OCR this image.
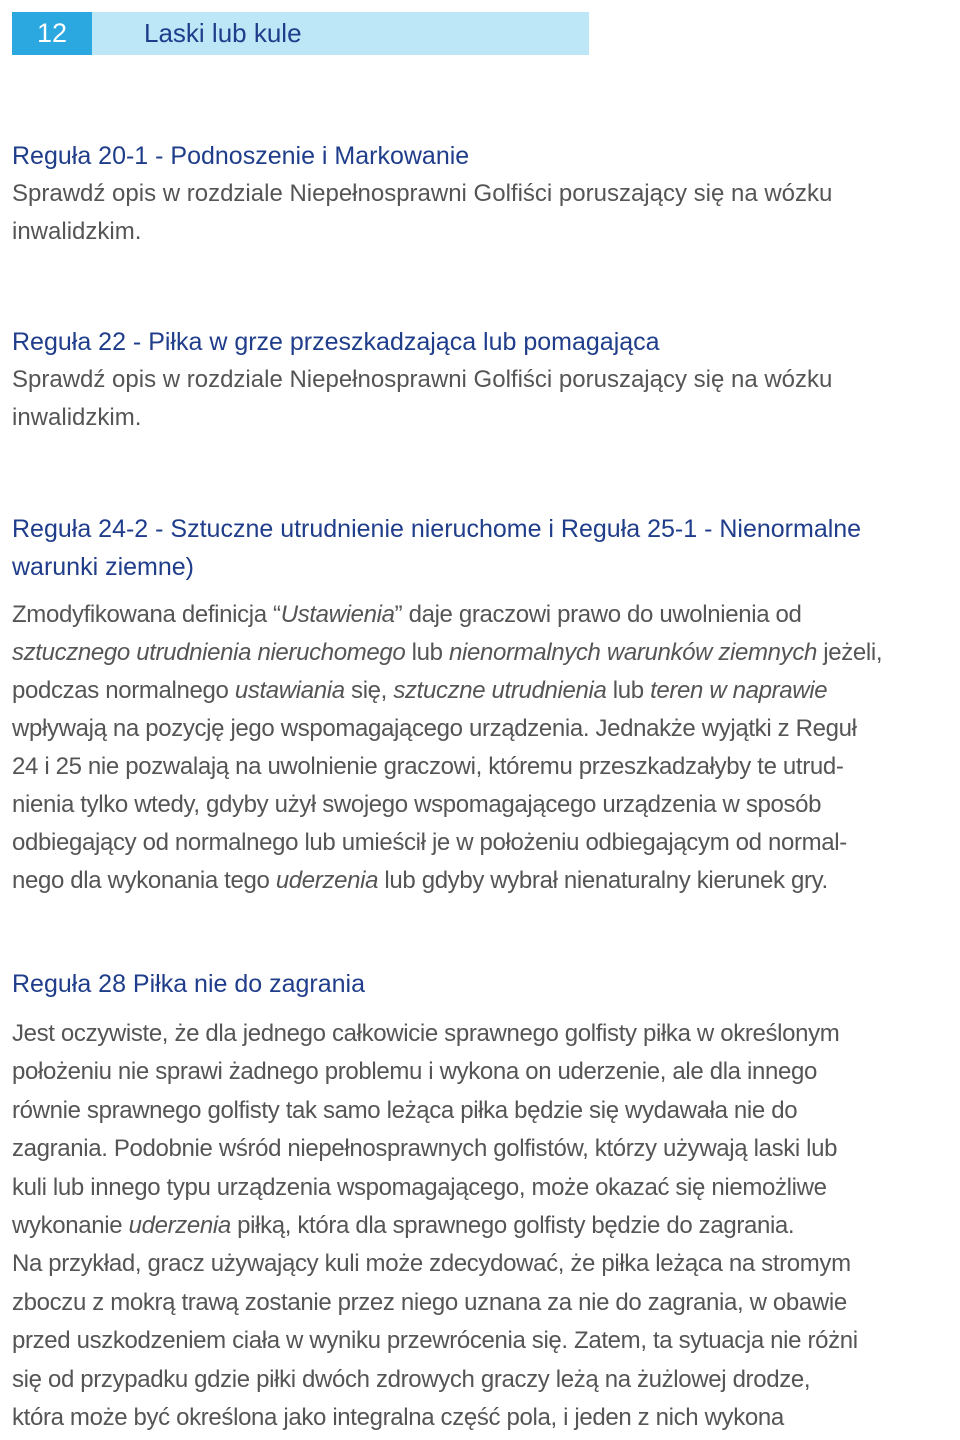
12	Laski lub kule
Reguła 20-1 - Podnoszenie i Markowanie

Sprawdź opis w rozdziale Niepełnosprawni Golfiści poruszający się na wózku
inwalidzkim.

Reguła 22 - Piłka w grze przeszkadzająca lub pomagająca

Sprawdź opis w rozdziale Niepełnosprawni Golfiści poruszający się na wózku
inwalidzkim.

Reguła 24-2 - Sztuczne utrudnienie nieruchome i Reguła 25-1 - Nienormalne
warunki ziemne)

Zmodyfikowana definicja “Ustawienia” daje graczowi prawo do uwolnienia od
sztucznego utrudnienia nieruchomego lub nienormalnych warunków ziemnych jeżeli,
podczas normalnego ustawiania się, sztuczne utrudnienia lub teren w naprawie
wpływają na pozycję jego wspomagającego urządzenia. Jednakże wyjątki z Reguł
24 i 25 nie pozwalają na uwolnienie graczowi, któremu przeszkadzałyby te utrud-
nienia tylko wtedy, gdyby użył swojego wspomagającego urządzenia w sposób
odbiegający od normalnego lub umieścił je w położeniu odbiegającym od normal-
nego dla wykonania tego uderzenia lub gdyby wybrał nienaturalny kierunek gry.

Reguła 28 Piłka nie do zagrania

Jest oczywiste, że dla jednego całkowicie sprawnego golfisty piłka w określonym
położeniu nie sprawi żadnego problemu i wykona on uderzenie, ale dla innego
równie sprawnego golfisty tak samo leżąca piłka będzie się wydawała nie do
zagrania. Podobnie wśród niepełnosprawnych golfistów, którzy używają laski lub
kuli lub innego typu urządzenia wspomagającego, może okazać się niemożliwe
wykonanie uderzenia piłką, która dla sprawnego golfisty będzie do zagrania.
Na przykład, gracz używający kuli może zdecydować, że piłka leżąca na stromym
zboczu z mokrą trawą zostanie przez niego uznana za nie do zagrania, w obawie
przed uszkodzeniem ciała w wyniku przewrócenia się. Zatem, ta sytuacja nie różni
się od przypadku gdzie piłki dwóch zdrowych graczy leżą na żużlowej drodze,
która może być określona jako integralna część pola, i jeden z nich wykona
